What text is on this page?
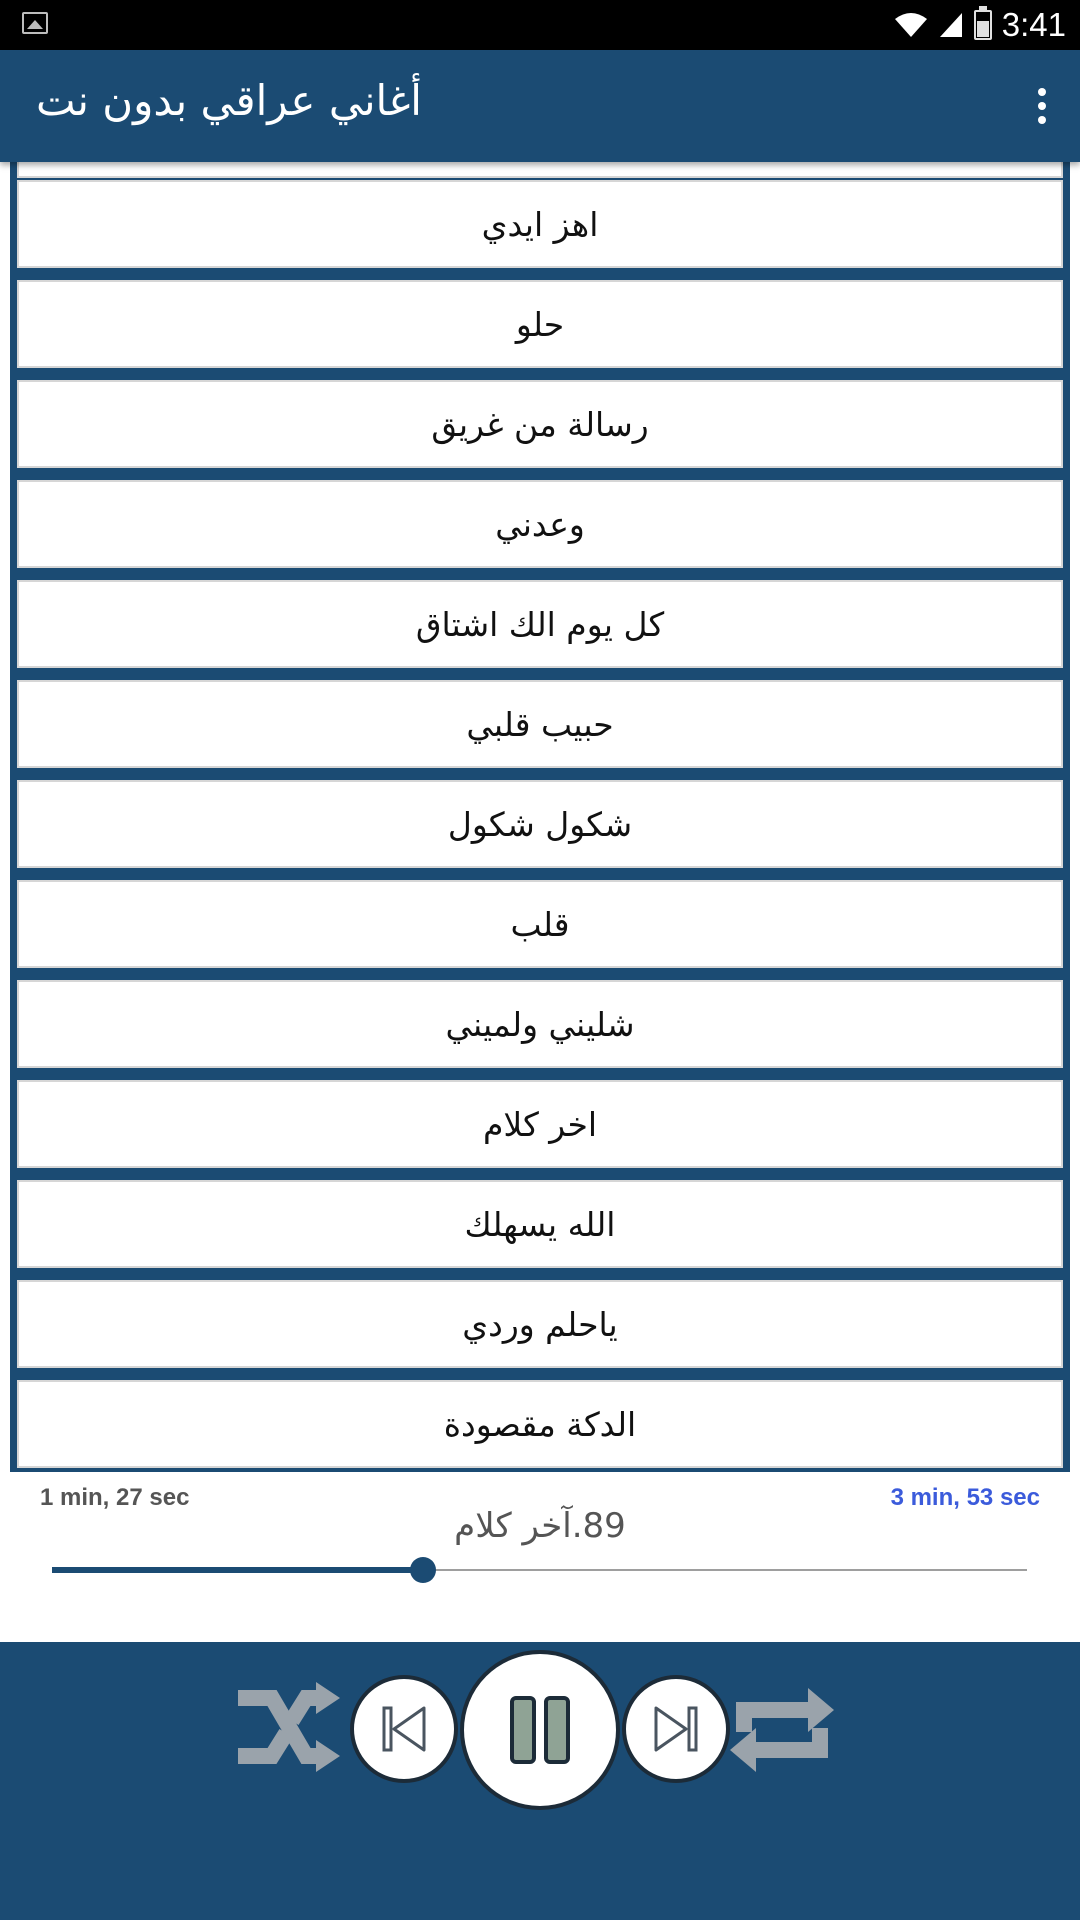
3:41
أغاني عراقي بدون نت
اهز ايدي
حلو
رسالة من غريق
وعدني
كل يوم الك اشتاق
حبيب قلبي
شكول شكول
قلب
شليني ولميني
اخر كلام
الله يسهلك
ياحلم وردي
الدكة مقصودة
1 min, 27 sec	3 min, 53 sec
89.آخر كلام
